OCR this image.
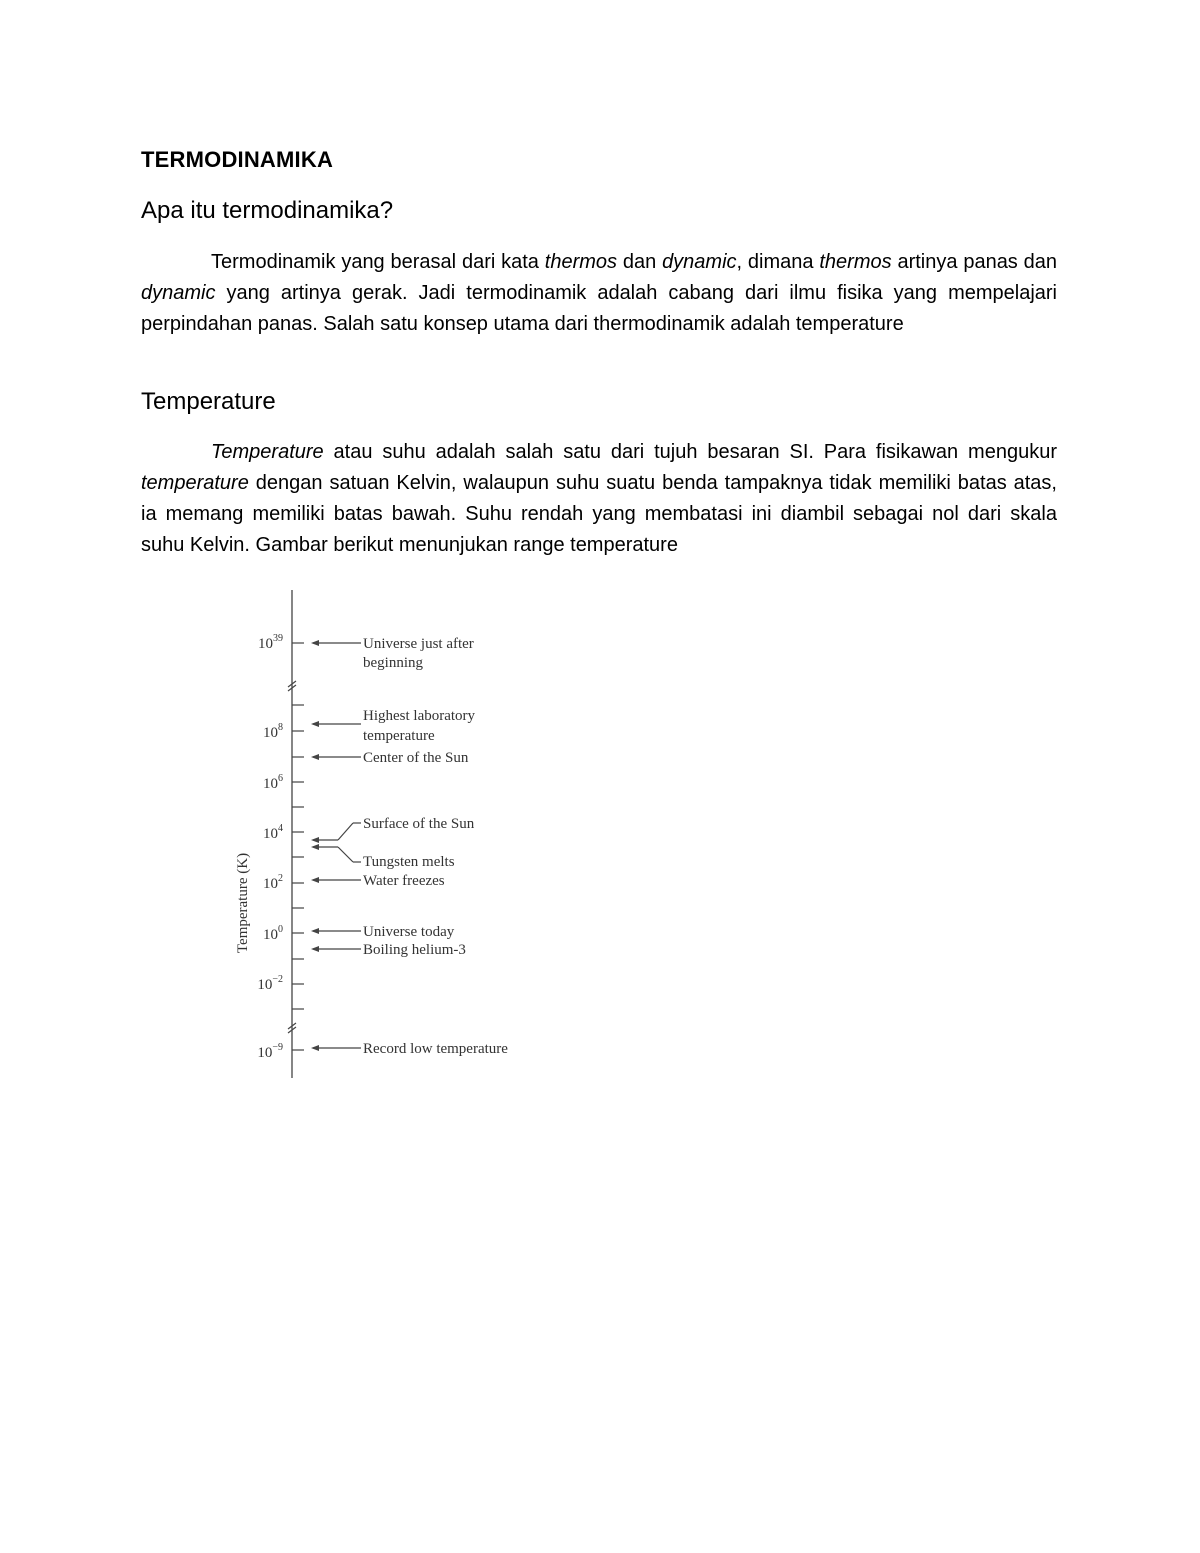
TERMODINAMIKA
Apa itu termodinamika?

Termodinamik yang berasal dari kata thermos dan dynamic, dimana thermos artinya panas dan dynamic yang artinya gerak. Jadi termodinamik adalah cabang dari ilmu fisika yang mempelajari perpindahan panas. Salah satu konsep utama dari thermodinamik adalah temperature

Temperature

Temperature atau suhu adalah salah satu dari tujuh besaran SI. Para fisikawan mengukur temperature dengan satuan Kelvin, walaupun suhu suatu benda tampaknya tidak memiliki batas atas, ia memang memiliki batas bawah. Suhu rendah yang membatasi ini diambil sebagai nol dari skala suhu Kelvin. Gambar berikut menunjukan range temperature

$10^{39}$
$10^8$
$10^6$
$10^4$
$10^2$
$10^0$
$10^{-2}$
$10^{-9}$
Temperature (K)
Universe just after
beginning
Highest laboratory
temperature
Center of the Sun
Surface of the Sun
Tungsten melts
Water freezes
Universe today
Boiling helium-3
Record low temperature
